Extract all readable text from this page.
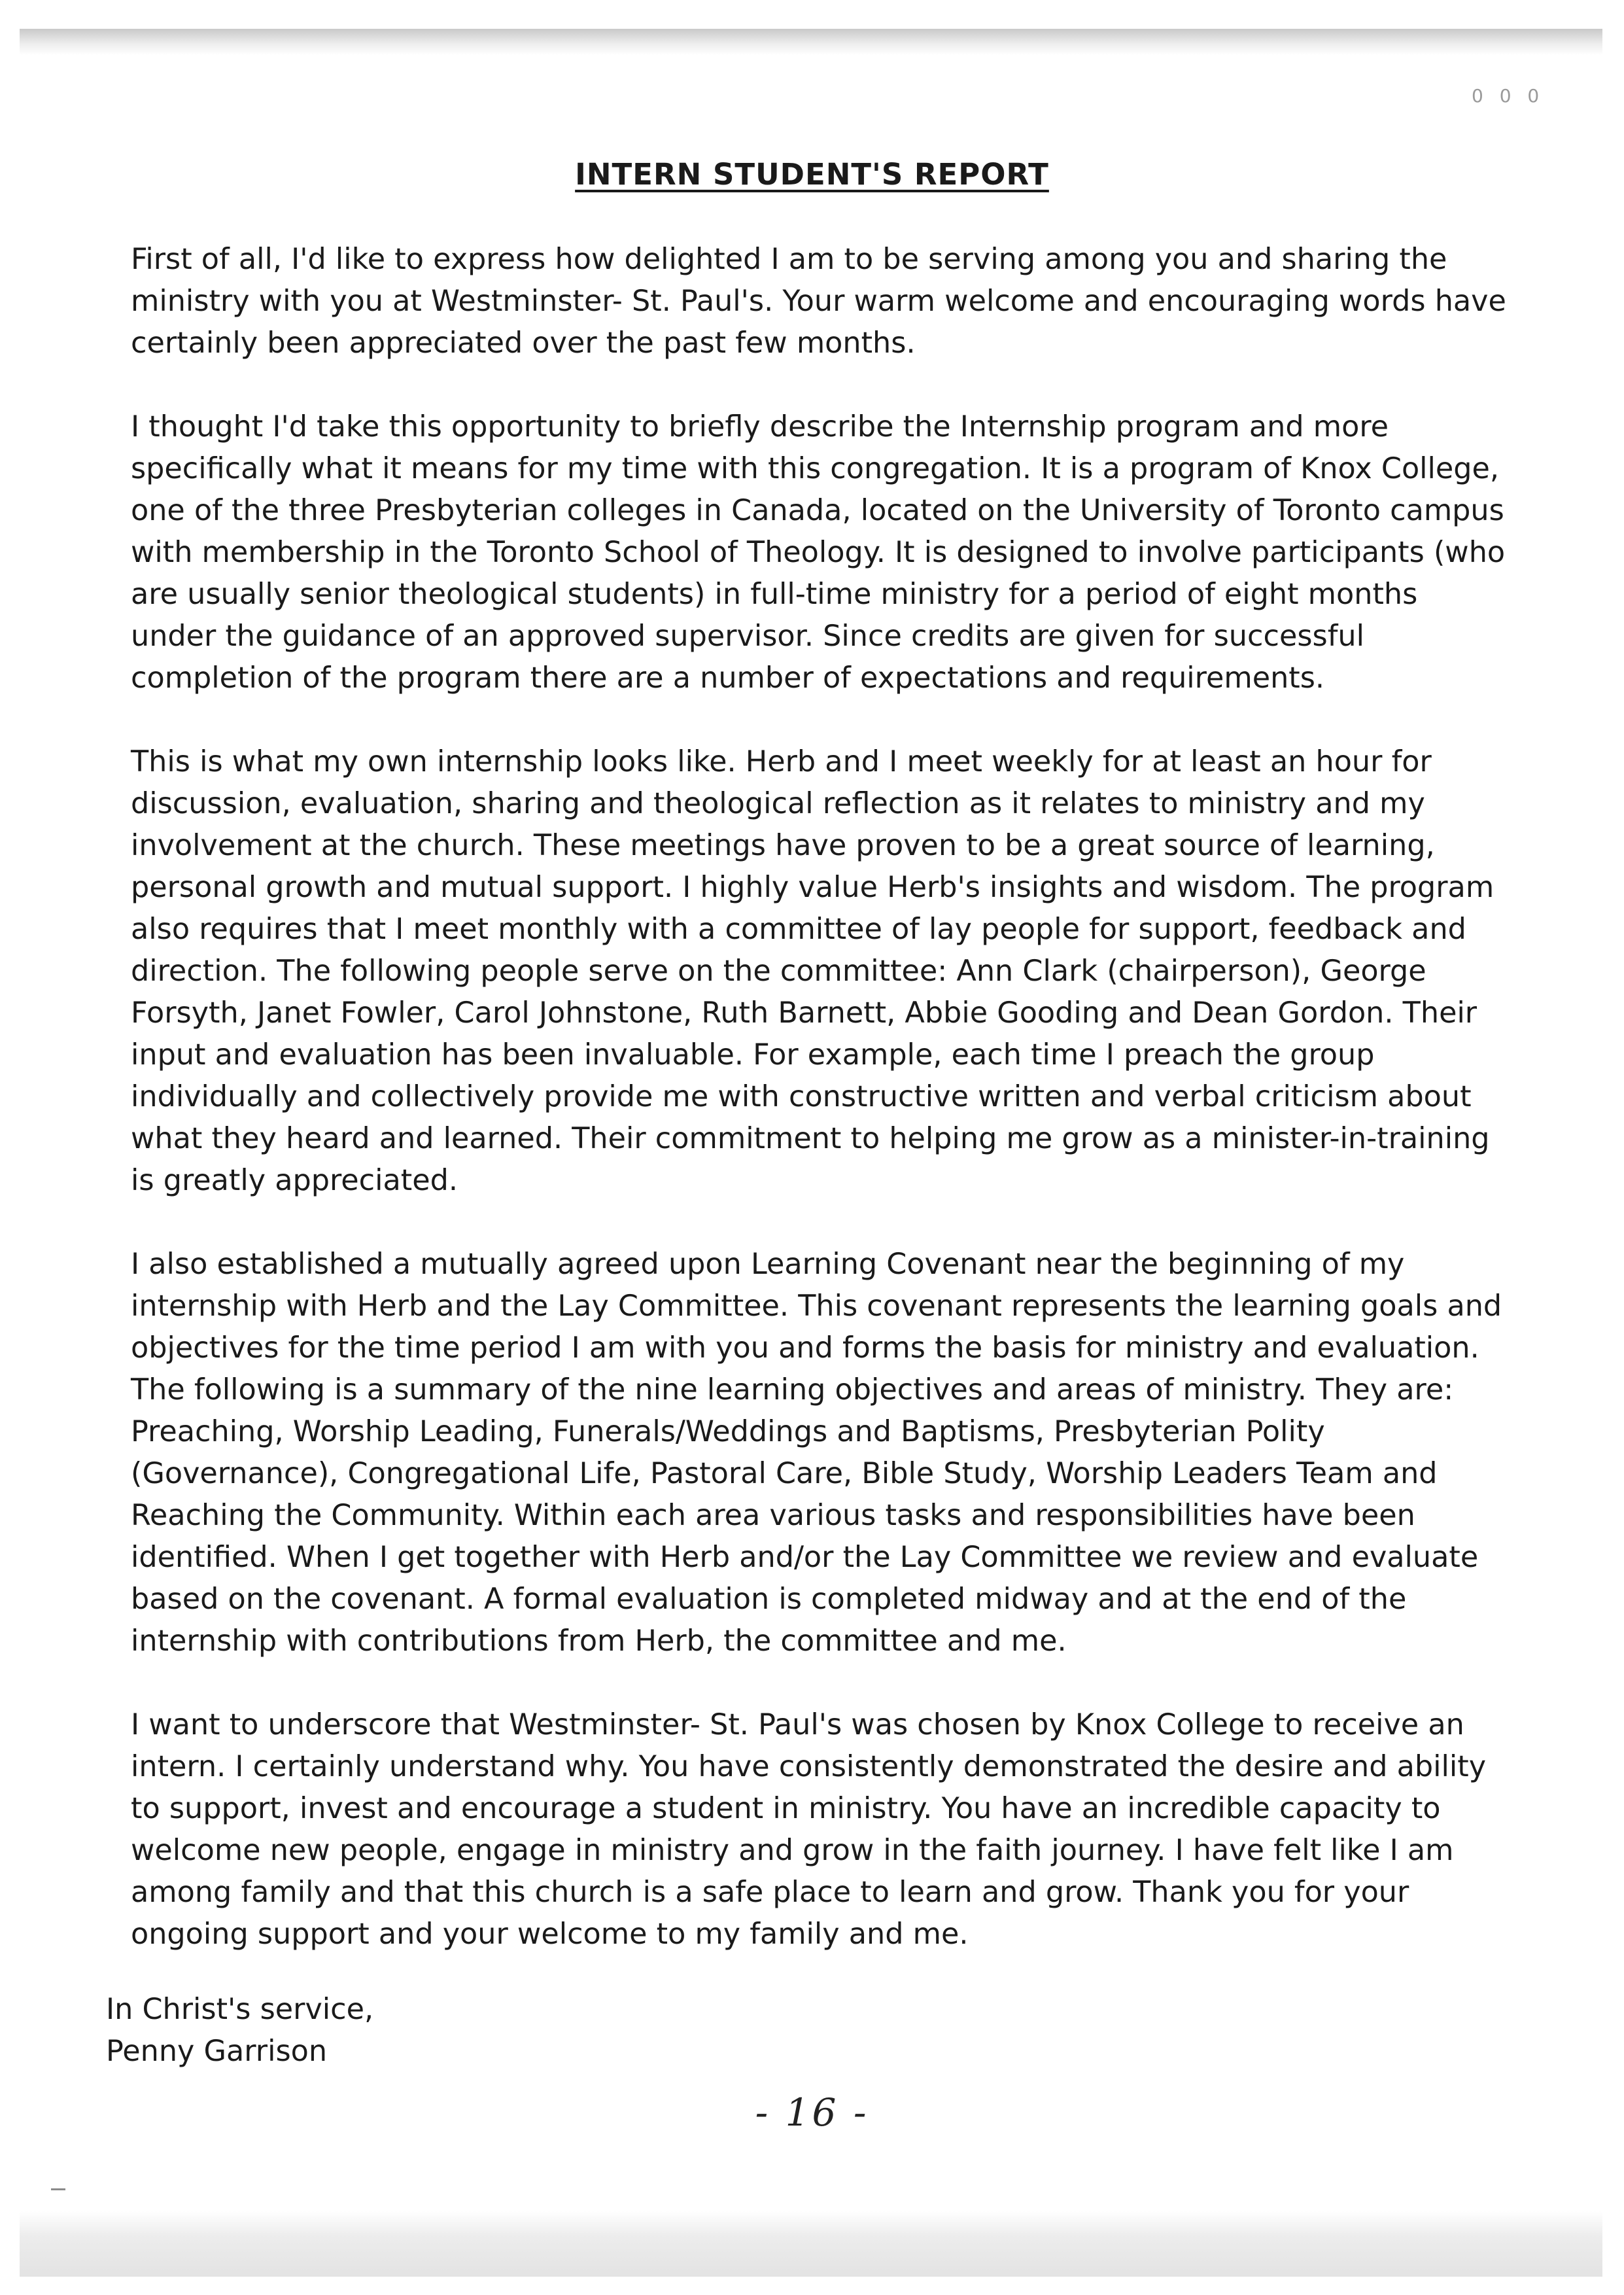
0 0 0
INTERN STUDENT'S REPORT

First of all, I'd like to express how delighted I am to be serving among you and sharing the ministry with you at Westminster- St. Paul's. Your warm welcome and encouraging words have certainly been appreciated over the past few months.

I thought I'd take this opportunity to briefly describe the Internship program and more specifically what it means for my time with this congregation. It is a program of Knox College, one of the three Presbyterian colleges in Canada, located on the University of Toronto campus with membership in the Toronto School of Theology. It is designed to involve participants (who are usually senior theological students) in full-time ministry for a period of eight months under the guidance of an approved supervisor. Since credits are given for successful completion of the program there are a number of expectations and requirements.

This is what my own internship looks like. Herb and I meet weekly for at least an hour for discussion, evaluation, sharing and theological reflection as it relates to ministry and my involvement at the church. These meetings have proven to be a great source of learning, personal growth and mutual support. I highly value Herb's insights and wisdom. The program also requires that I meet monthly with a committee of lay people for support, feedback and direction. The following people serve on the committee: Ann Clark (chairperson), George Forsyth, Janet Fowler, Carol Johnstone, Ruth Barnett, Abbie Gooding and Dean Gordon. Their input and evaluation has been invaluable. For example, each time I preach the group individually and collectively provide me with constructive written and verbal criticism about what they heard and learned. Their commitment to helping me grow as a minister-in-training is greatly appreciated.

I also established a mutually agreed upon Learning Covenant near the beginning of my internship with Herb and the Lay Committee. This covenant represents the learning goals and objectives for the time period I am with you and forms the basis for ministry and evaluation. The following is a summary of the nine learning objectives and areas of ministry. They are: Preaching, Worship Leading, Funerals/Weddings and Baptisms, Presbyterian Polity (Governance), Congregational Life, Pastoral Care, Bible Study, Worship Leaders Team and Reaching the Community. Within each area various tasks and responsibilities have been identified. When I get together with Herb and/or the Lay Committee we review and evaluate based on the covenant. A formal evaluation is completed midway and at the end of the internship with contributions from Herb, the committee and me.

I want to underscore that Westminster- St. Paul's was chosen by Knox College to receive an intern. I certainly understand why. You have consistently demonstrated the desire and ability to support, invest and encourage a student in ministry. You have an incredible capacity to welcome new people, engage in ministry and grow in the faith journey. I have felt like I am among family and that this church is a safe place to learn and grow. Thank you for your ongoing support and your welcome to my family and me.

In Christ's service,

Penny Garrison

- 16 -
